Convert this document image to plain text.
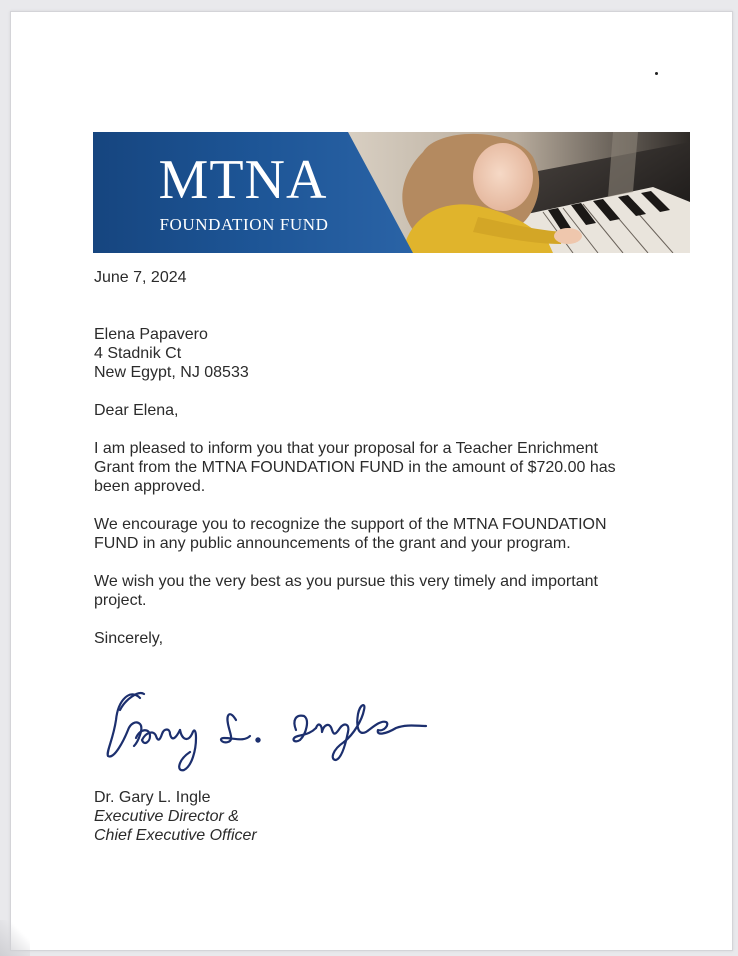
MTNA
FOUNDATION FUND
June 7, 2024
Elena Papavero
4 Stadnik Ct
New Egypt, NJ 08533
Dear Elena,
I am pleased to inform you that your proposal for a Teacher Enrichment
Grant from the MTNA FOUNDATION FUND in the amount of $720.00 has
been approved.
We encourage you to recognize the support of the MTNA FOUNDATION
FUND in any public announcements of the grant and your program.
We wish you the very best as you pursue this very timely and important
project.
Sincerely,
Dr. Gary L. Ingle
Executive Director &
Chief Executive Officer
